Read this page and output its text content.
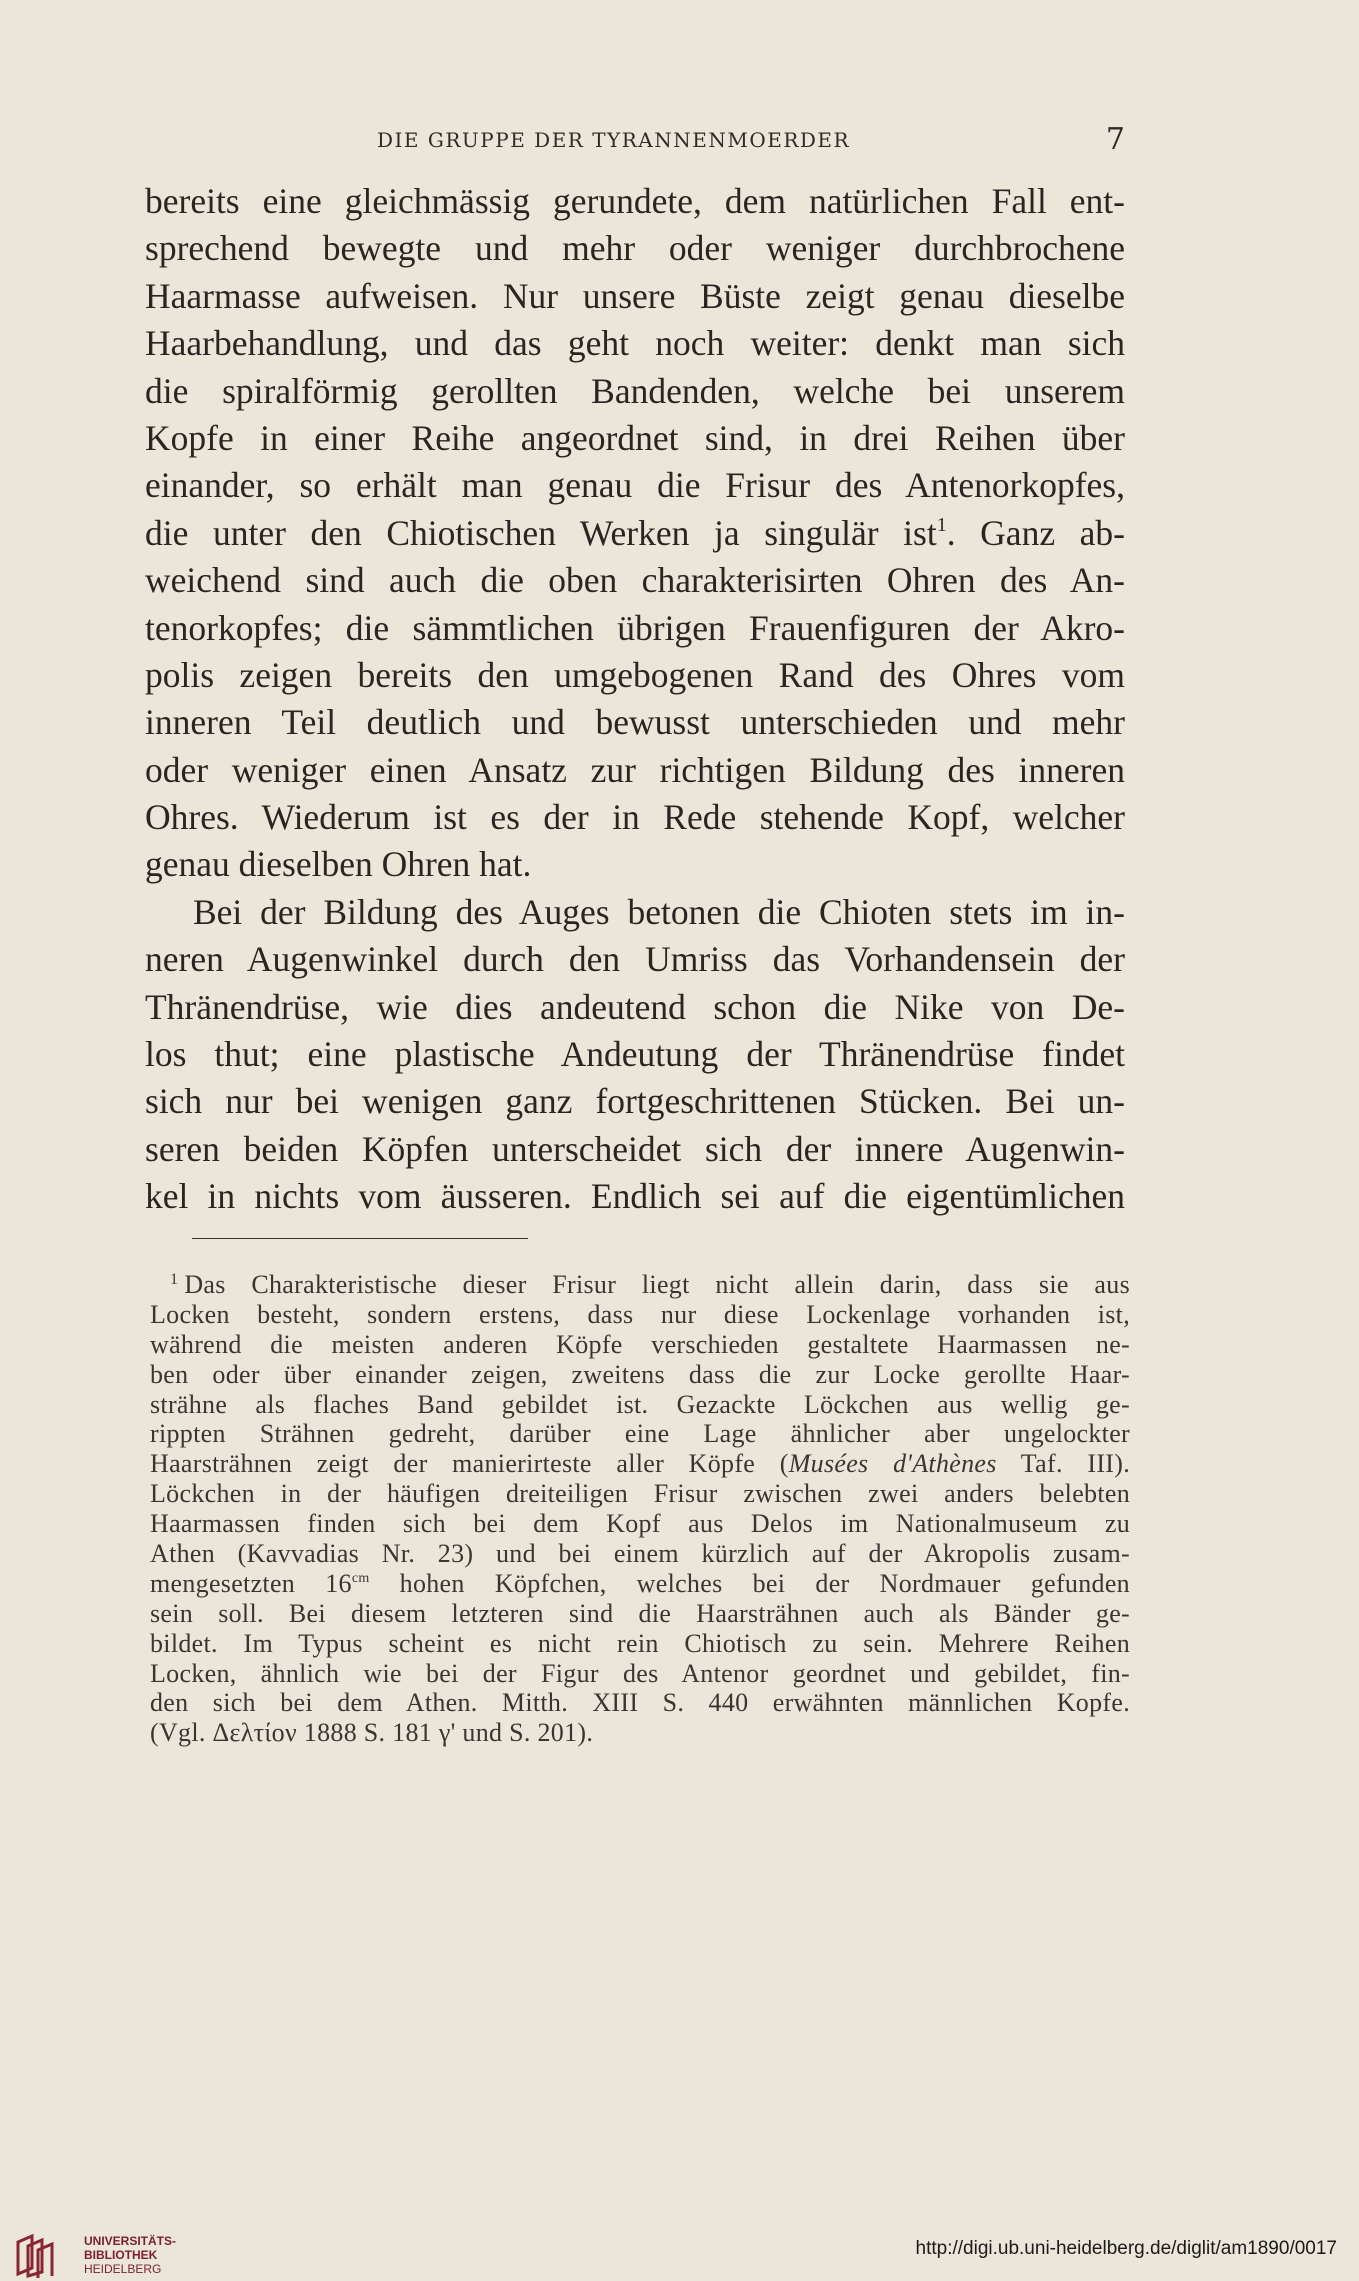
DIE GRUPPE DER TYRANNENMOERDER	7
bereits eine gleichmässig gerundete, dem natürlichen Fall ent-
sprechend bewegte und mehr oder weniger durchbrochene
Haarmasse aufweisen. Nur unsere Büste zeigt genau dieselbe
Haarbehandlung, und das geht noch weiter: denkt man sich
die spiralförmig gerollten Bandenden, welche bei unserem
Kopfe in einer Reihe angeordnet sind, in drei Reihen über
einander, so erhält man genau die Frisur des Antenorkopfes,
die unter den Chiotischen Werken ja singulär ist$^1$. Ganz ab-
weichend sind auch die oben charakterisirten Ohren des An-
tenorkopfes; die sämmtlichen übrigen Frauenfiguren der Akro-
polis zeigen bereits den umgebogenen Rand des Ohres vom
inneren Teil deutlich und bewusst unterschieden und mehr
oder weniger einen Ansatz zur richtigen Bildung des inneren
Ohres. Wiederum ist es der in Rede stehende Kopf, welcher
genau dieselben Ohren hat.
Bei der Bildung des Auges betonen die Chioten stets im in-
neren Augenwinkel durch den Umriss das Vorhandensein der
Thränendrüse, wie dies andeutend schon die Nike von De-
los thut; eine plastische Andeutung der Thränendrüse findet
sich nur bei wenigen ganz fortgeschrittenen Stücken. Bei un-
seren beiden Köpfen unterscheidet sich der innere Augenwin-
kel in nichts vom äusseren. Endlich sei auf die eigentümlichen
$^1$ Das Charakteristische dieser Frisur liegt nicht allein darin, dass sie aus
Locken besteht, sondern erstens, dass nur diese Lockenlage vorhanden ist,
während die meisten anderen Köpfe verschieden gestaltete Haarmassen ne-
ben oder über einander zeigen, zweitens dass die zur Locke gerollte Haar-
strähne als flaches Band gebildet ist. Gezackte Löckchen aus wellig ge-
rippten Strähnen gedreht, darüber eine Lage ähnlicher aber ungelockter
Haarsträhnen zeigt der manierirteste aller Köpfe (Musées d'Athènes Taf. III).
Löckchen in der häufigen dreiteiligen Frisur zwischen zwei anders belebten
Haarmassen finden sich bei dem Kopf aus Delos im Nationalmuseum zu
Athen (Kavvadias Nr. 23) und bei einem kürzlich auf der Akropolis zusam-
mengesetzten $16^{cm}$ hohen Köpfchen, welches bei der Nordmauer gefunden
sein soll. Bei diesem letzteren sind die Haarsträhnen auch als Bänder ge-
bildet. Im Typus scheint es nicht rein Chiotisch zu sein. Mehrere Reihen
Locken, ähnlich wie bei der Figur des Antenor geordnet und gebildet, fin-
den sich bei dem Athen. Mitth. XIII S. 440 erwähnten männlichen Kopfe.
(Vgl. Δελτίον 1888 S. 181 γ' und S. 201).
UNIVERSITÄTS-
BIBLIOTHEK
HEIDELBERG
http://digi.ub.uni-heidelberg.de/diglit/am1890/0017
